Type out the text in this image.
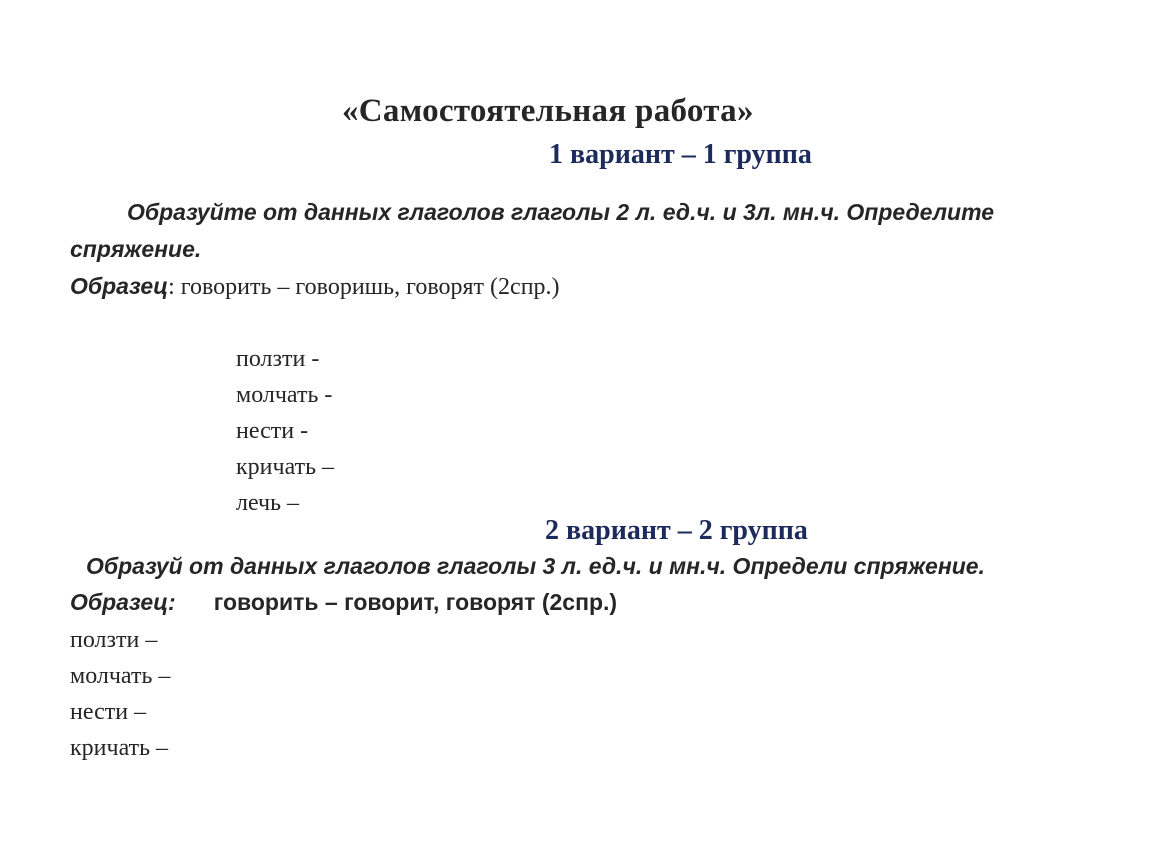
«Самостоятельная работа»
1 вариант – 1 группа
Образуйте от данных глаголов глаголы 2 л. ед.ч. и 3л. мн.ч. Определите
спряжение.
Образец: говорить – говоришь, говорят (2спр.)
ползти -
молчать -
нести -
кричать –
лечь –
2 вариант – 2 группа
Образуй от данных глаголов глаголы 3 л. ед.ч. и мн.ч. Определи спряжение.
Образец: говорить – говорит, говорят (2спр.)
ползти –
молчать –
нести –
кричать –
